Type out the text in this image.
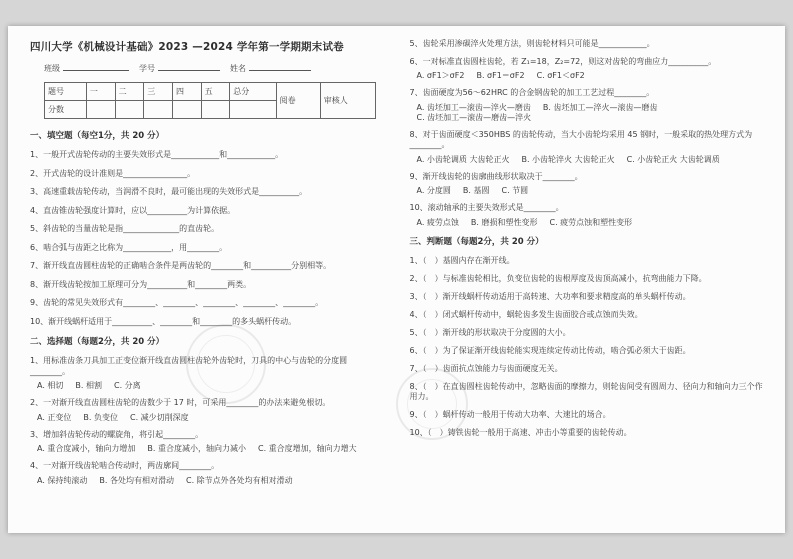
四川大学《机械设计基础》2023 —2024 学年第一学期期末试卷
班级	学号	姓名
题号	一	二	三	四	五	总分	阅卷	审核人
分数								
一、填空题（每空1分，共 20 分）
1、一般开式齿轮传动的主要失效形式是____________和____________。
2、开式齿轮的设计准则是________________。
3、高速重载齿轮传动，当润滑不良时，最可能出现的失效形式是__________。
4、直齿锥齿轮强度计算时，应以__________为计算依据。
5、斜齿轮的当量齿轮是指______________的直齿轮。
6、啮合弧与齿距之比称为____________，用________。
7、渐开线直齿圆柱齿轮的正确啮合条件是两齿轮的________和__________分别相等。
8、渐开线齿轮按加工原理可分为__________和________两类。
9、齿轮的常见失效形式有________、________、________、________、________。
10、渐开线蜗杆适用于__________、________和________的多头蜗杆传动。
二、选择题（每题2分，共 20 分）
1、用标准齿条刀具加工正变位渐开线直齿圆柱齿轮外齿轮时，刀具的中心与齿轮的分度圆________。
A. 相切 B. 相割 C. 分离
2、一对渐开线直齿圆柱齿轮的齿数少于 17 时，可采用________的办法来避免根切。
A. 正变位 B. 负变位 C. 减少切削深度
3、增加斜齿轮传动的螺旋角，将引起________。
A. 重合度减小，轴向力增加 B. 重合度减小，轴向力减小 C. 重合度增加，轴向力增大
4、一对渐开线齿轮啮合传动时，两齿廓间________。
A. 保持纯滚动 B. 各处均有相对滑动 C. 除节点外各处均有相对滑动
5、齿轮采用渗碳淬火处理方法，则齿轮材料只可能是____________。
6、一对标准直齿圆柱齿轮，若 Z₁=18，Z₂=72，则这对齿轮的弯曲应力__________。
A. σF1＞σF2 B. σF1＝σF2 C. σF1＜σF2
7、齿面硬度为56～62HRC 的合金钢齿轮的加工工艺过程________。
A. 齿坯加工—滚齿—淬火—磨齿 B. 齿坯加工—淬火—滚齿—磨齿C. 齿坯加工—滚齿—磨齿—淬火
8、对于齿面硬度＜350HBS 的齿轮传动，当大小齿轮均采用 45 钢时，一般采取的热处理方式为________。
A. 小齿轮调质 大齿轮正火 B. 小齿轮淬火 大齿轮正火 C. 小齿轮正火 大齿轮调质
9、渐开线齿轮的齿廓曲线形状取决于________。
A. 分度圆 B. 基圆 C. 节圆
10、滚动轴承的主要失效形式是________。
A. 疲劳点蚀 B. 磨损和塑性变形 C. 疲劳点蚀和塑性变形
三、判断题（每题2分，共 20 分）
1、（　）基圆内存在渐开线。
2、（　）与标准齿轮相比，负变位齿轮的齿根厚度及齿顶高减小，抗弯曲能力下降。
3、（　）渐开线蜗杆传动适用于高转速、大功率和要求精度高的单头蜗杆传动。
4、（　）闭式蜗杆传动中，蜗轮齿多发生齿面胶合或点蚀而失效。
5、（　）渐开线的形状取决于分度圆的大小。
6、（　）为了保证渐开线齿轮能实现连续定传动比传动，啮合弧必须大于齿距。
7、（　）齿面抗点蚀能力与齿面硬度无关。
8、（　）在直齿圆柱齿轮传动中，忽略齿面的摩擦力，则轮齿间受有圆周力、径向力和轴向力三个作用力。
9、（　）蜗杆传动一般用于传动大功率、大速比的场合。
10、（　）铸铁齿轮一般用于高速、冲击小等重要的齿轮传动。
